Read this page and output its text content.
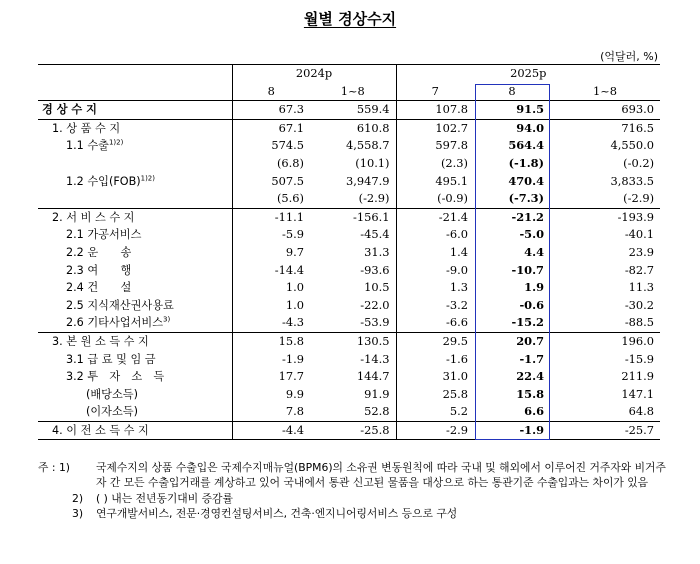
월별 경상수지
(억달러, %)
	2024p		2025p		
	8	1~8	7	8	1~8
경 상 수 지	67.3	559.4	107.8	91.5	693.0
1. 상 품 수 지	67.1	610.8	102.7	94.0	716.5
1.1 수출$^{1)2)}$	574.5	4,558.7	597.8	564.4	4,550.0
	(6.8)	(10.1)	(2.3)	(-1.8)	(-0.2)
1.2 수입(FOB)$^{1)2)}$	507.5	3,947.9	495.1	470.4	3,833.5
	(5.6)	(-2.9)	(-0.9)	(-7.3)	(-2.9)
2. 서 비 스 수 지	-11.1	-156.1	-21.4	-21.2	-193.9
2.1 가공서비스	-5.9	-45.4	-6.0	-5.0	-40.1
2.2 운　　송	9.7	31.3	1.4	4.4	23.9
2.3 여　　행	-14.4	-93.6	-9.0	-10.7	-82.7
2.4 건　　설	1.0	10.5	1.3	1.9	11.3
2.5 지식재산권사용료	1.0	-22.0	-3.2	-0.6	-30.2
2.6 기타사업서비스$^{3)}$	-4.3	-53.9	-6.6	-15.2	-88.5
3. 본 원 소 득 수 지	15.8	130.5	29.5	20.7	196.0
3.1 급 료 및 임 금	-1.9	-14.3	-1.6	-1.7	-15.9
3.2 투　자　소　득	17.7	144.7	31.0	22.4	211.9
(배당소득)	9.9	91.9	25.8	15.8	147.1
(이자소득)	7.8	52.8	5.2	6.6	64.8
4. 이 전 소 득 수 지	-4.4	-25.8	-2.9	-1.9	-25.7
주 : 1)	국제수지의 상품 수출입은 국제수지매뉴얼(BPM6)의 소유권 변동원칙에 따라 국내 및 해외에서 이루어진 거주자와 비거주자 간 모든 수출입거래를 계상하고 있어 국내에서 통관 신고된 물품을 대상으로 하는 통관기준 수출입과는 차이가 있음
2)	( ) 내는 전년동기대비 증감률
3)	연구개발서비스, 전문·경영컨설팅서비스, 건축·엔지니어링서비스 등으로 구성
